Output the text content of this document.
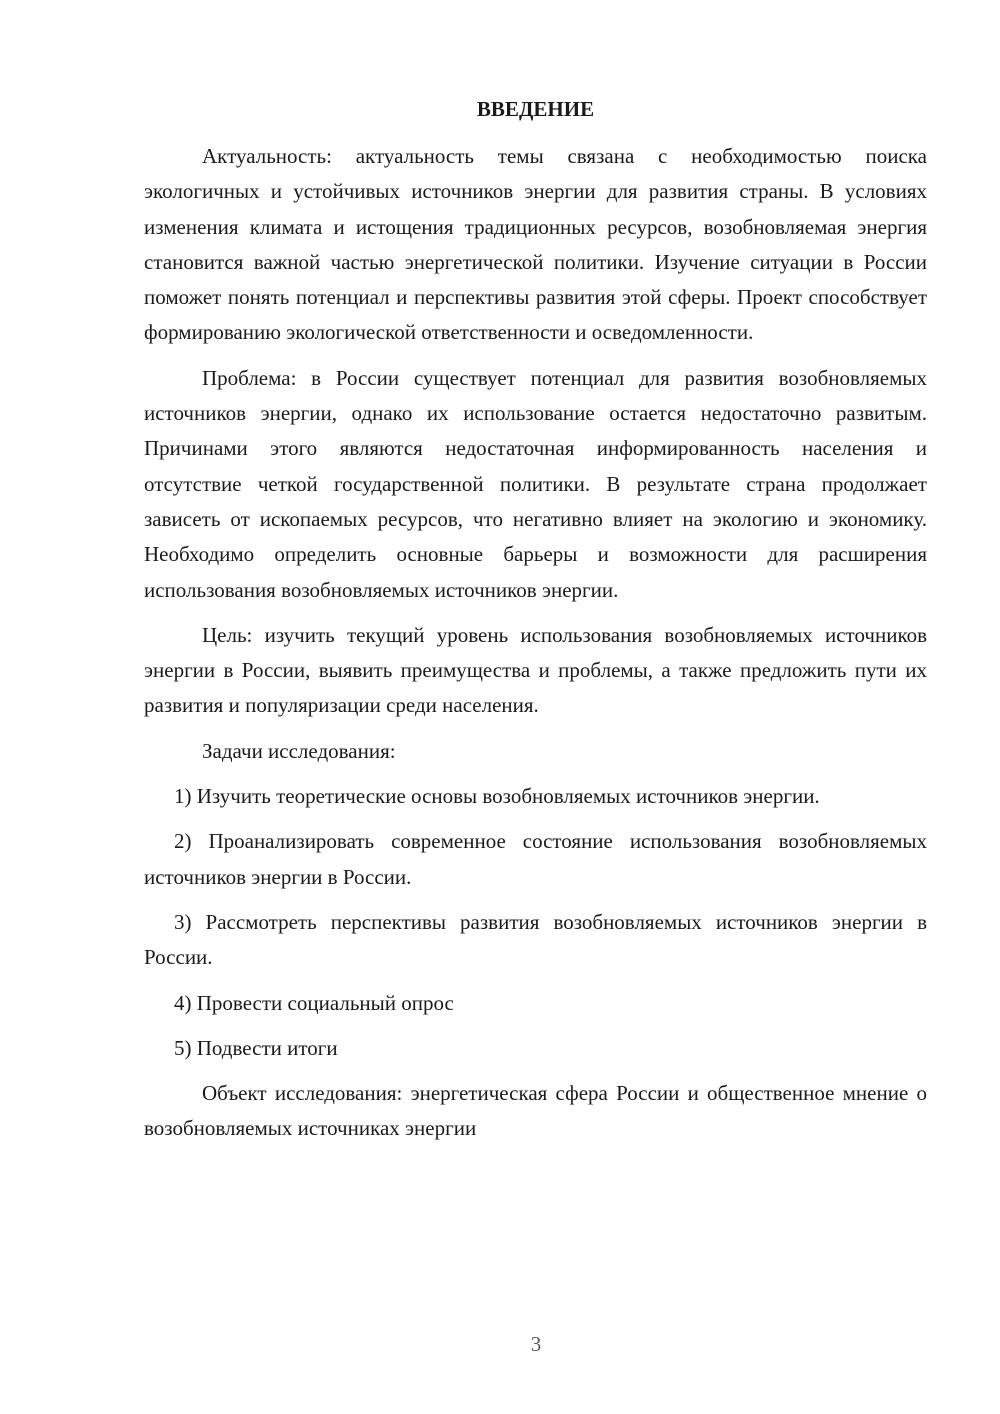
ВВЕДЕНИЕ

Актуальность: актуальность темы связана с необходимостью поиска экологичных и устойчивых источников энергии для развития страны. В условиях изменения климата и истощения традиционных ресурсов, возобновляемая энергия становится важной частью энергетической политики. Изучение ситуации в России поможет понять потенциал и перспективы развития этой сферы. Проект способствует формированию экологической ответственности и осведомленности.

Проблема: в России существует потенциал для развития возобновляемых источников энергии, однако их использование остается недостаточно развитым. Причинами этого являются недостаточная информированность населения и отсутствие четкой государственной политики. В результате страна продолжает зависеть от ископаемых ресурсов, что негативно влияет на экологию и экономику. Необходимо определить основные барьеры и возможности для расширения использования возобновляемых источников энергии.

Цель: изучить текущий уровень использования возобновляемых источников энергии в России, выявить преимущества и проблемы, а также предложить пути их развития и популяризации среди населения.

Задачи исследования:

1) Изучить теоретические основы возобновляемых источников энергии.

2) Проанализировать современное состояние использования возобновляемых источников энергии в России.

3) Рассмотреть перспективы развития возобновляемых источников энергии в России.

4) Провести социальный опрос

5) Подвести итоги

Объект исследования: энергетическая сфера России и общественное мнение о возобновляемых источниках энергии

3
